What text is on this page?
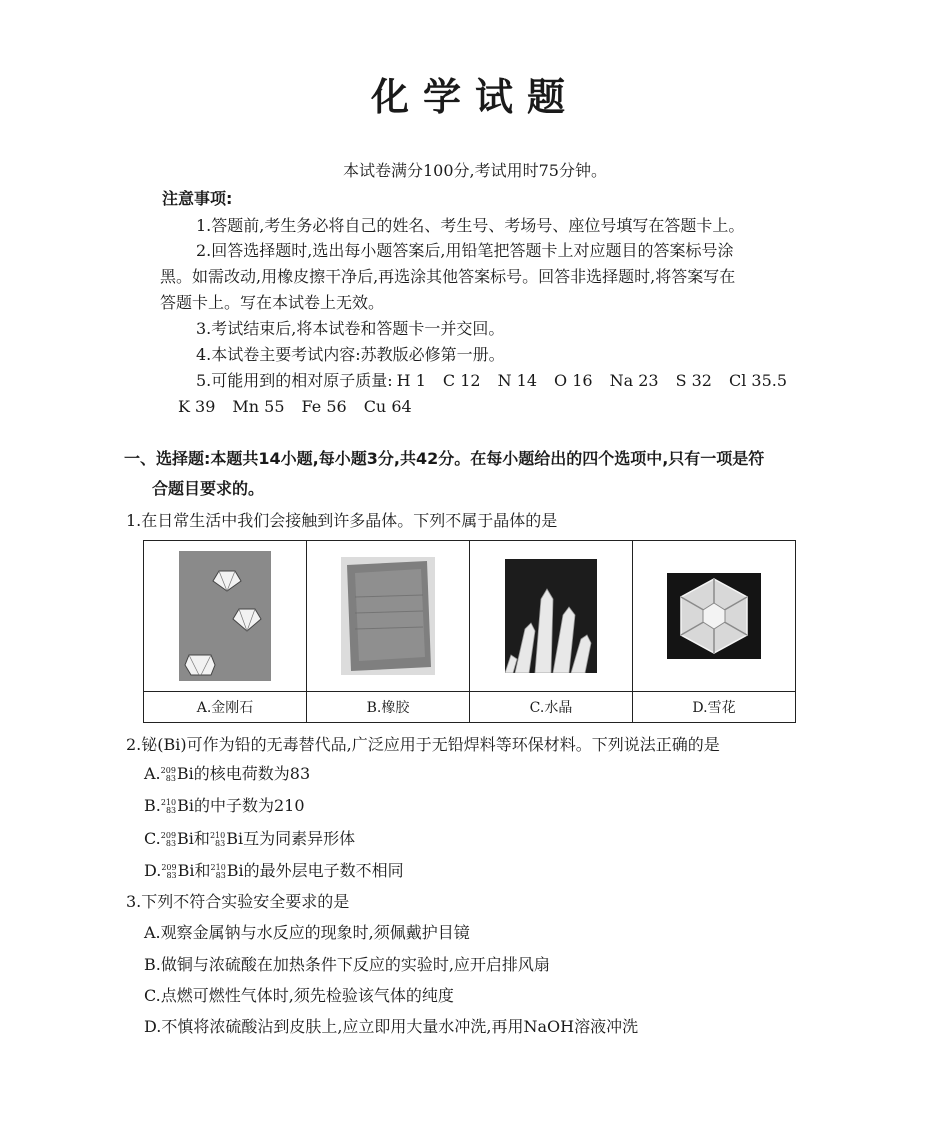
化学试题
本试卷满分100分,考试用时75分钟。
注意事项:
1.答题前,考生务必将自己的姓名、考生号、考场号、座位号填写在答题卡上。
2.回答选择题时,选出每小题答案后,用铅笔把答题卡上对应题目的答案标号涂
黑。如需改动,用橡皮擦干净后,再选涂其他答案标号。回答非选择题时,将答案写在
答题卡上。写在本试卷上无效。
3.考试结束后,将本试卷和答题卡一并交回。
4.本试卷主要考试内容:苏教版必修第一册。
5.可能用到的相对原子质量: H 1 C 12 N 14 O 16 Na 23 S 32 Cl 35.5
K 39 Mn 55 Fe 56 Cu 64
一、选择题:本题共14小题,每小题3分,共42分。在每小题给出的四个选项中,只有一项是符
合题目要求的。
1.在日常生活中我们会接触到许多晶体。下列不属于晶体的是

A.金刚石	B.橡胶	C.水晶	D.雪花
2.铋(Bi)可作为铅的无毒替代品,广泛应用于无铅焊料等环保材料。下列说法正确的是
A. 209
83 Bi的核电荷数为83
B. 210
83 Bi的中子数为210
C. 209
83 Bi和 210
83 Bi互为同素异形体
D. 209
83 Bi和 210
83 Bi的最外层电子数不相同
3.下列不符合实验安全要求的是
A.观察金属钠与水反应的现象时,须佩戴护目镜
B.做铜与浓硫酸在加热条件下反应的实验时,应开启排风扇
C.点燃可燃性气体时,须先检验该气体的纯度
D.不慎将浓硫酸沾到皮肤上,应立即用大量水冲洗,再用NaOH溶液冲洗
